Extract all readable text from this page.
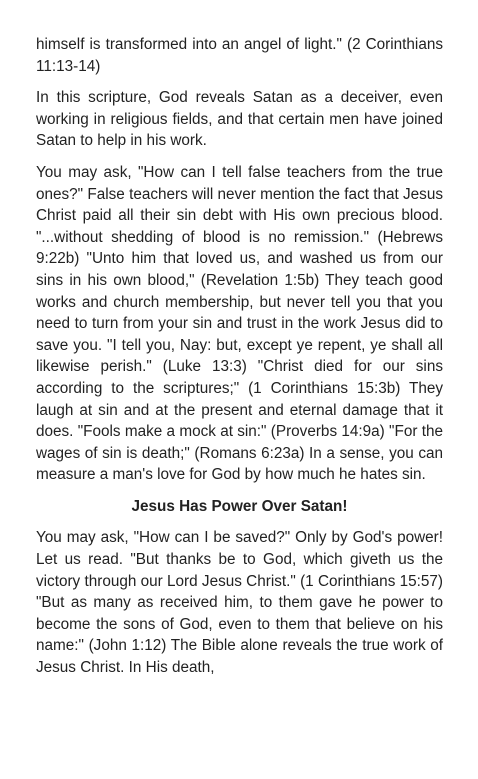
himself is transformed into an angel of light." (2 Corinthians 11:13-14)

In this scripture, God reveals Satan as a deceiver, even working in religious fields, and that certain men have joined Satan to help in his work.

You may ask, "How can I tell false teachers from the true ones?" False teachers will never mention the fact that Jesus Christ paid all their sin debt with His own precious blood. "...without shedding of blood is no remission." (Hebrews 9:22b) "Unto him that loved us, and washed us from our sins in his own blood," (Revelation 1:5b) They teach good works and church membership, but never tell you that you need to turn from your sin and trust in the work Jesus did to save you. "I tell you, Nay: but, except ye repent, ye shall all likewise perish." (Luke 13:3) "Christ died for our sins according to the scriptures;" (1 Corinthians 15:3b) They laugh at sin and at the present and eternal damage that it does. "Fools make a mock at sin:" (Proverbs 14:9a) "For the wages of sin is death;" (Romans 6:23a) In a sense, you can measure a man's love for God by how much he hates sin.

Jesus Has Power Over Satan!

You may ask, "How can I be saved?" Only by God's power! Let us read. "But thanks be to God, which giveth us the victory through our Lord Jesus Christ." (1 Corinthians 15:57) "But as many as received him, to them gave he power to become the sons of God, even to them that believe on his name:" (John 1:12) The Bible alone reveals the true work of Jesus Christ. In His death,
